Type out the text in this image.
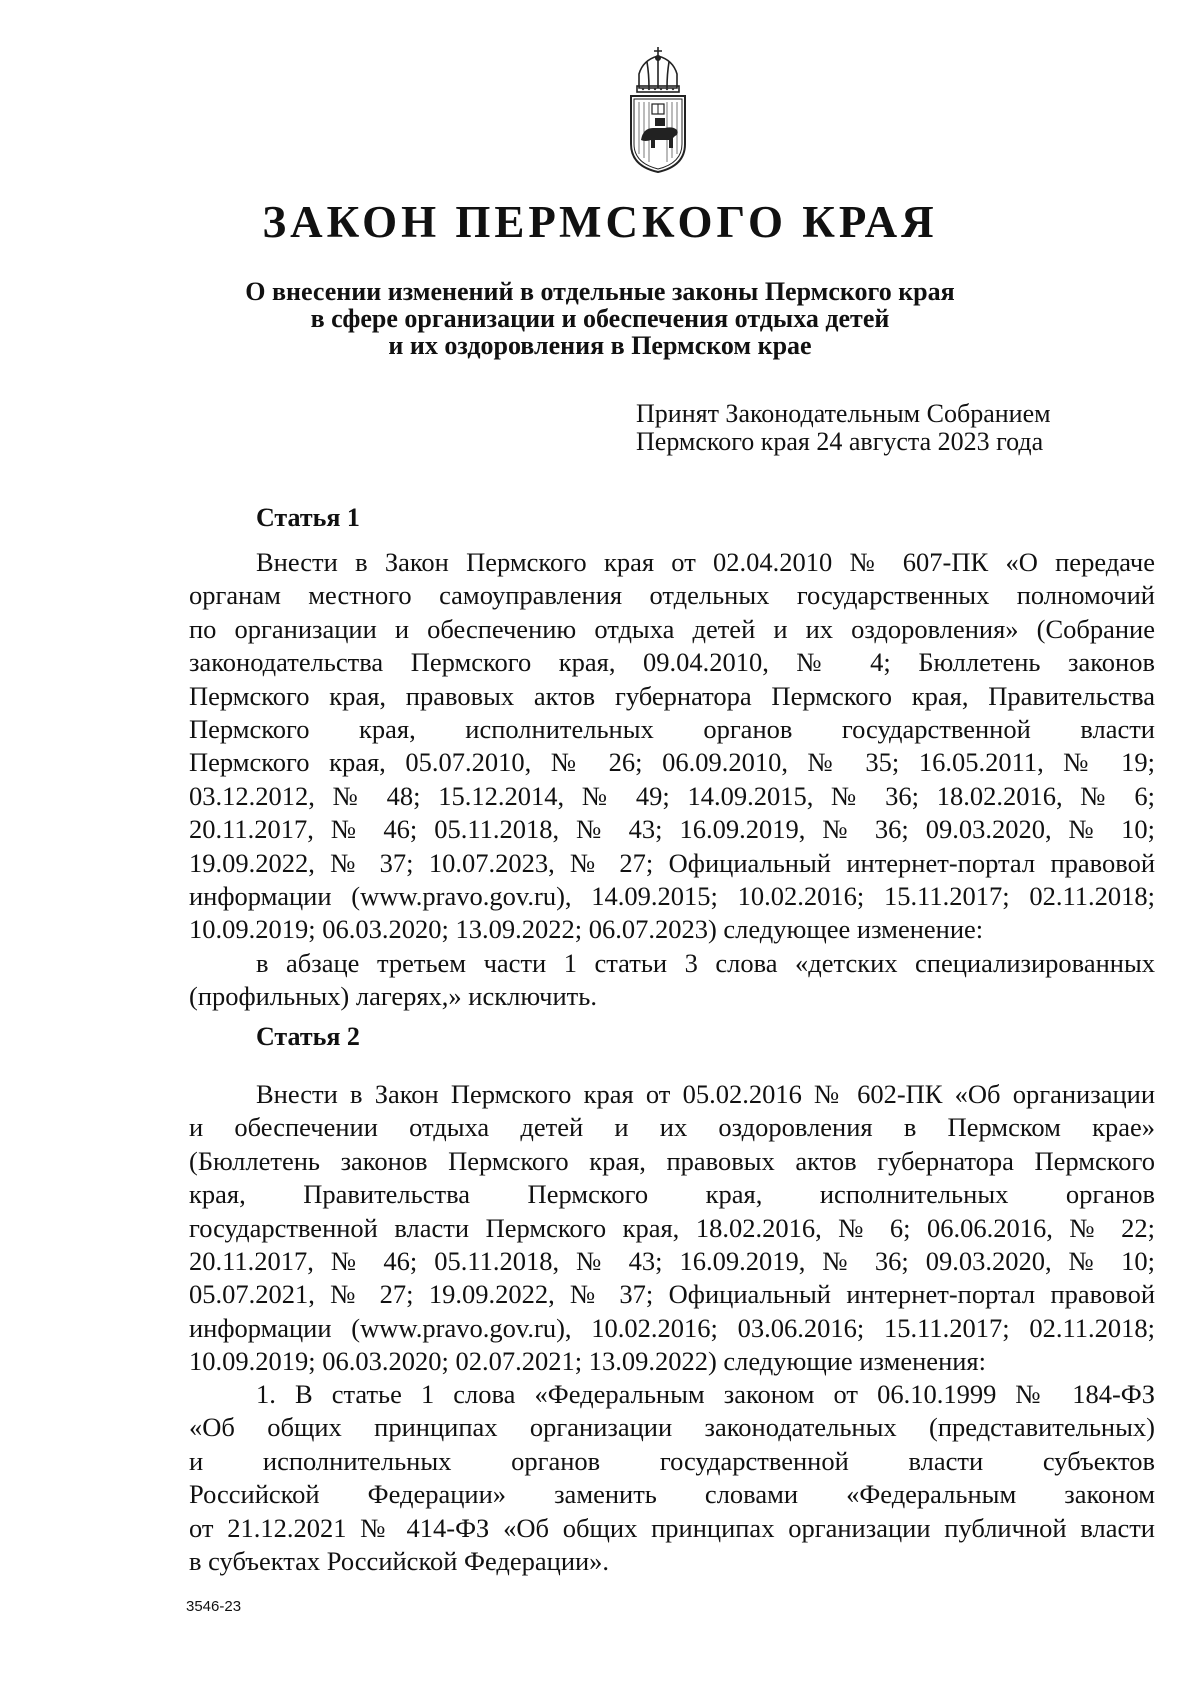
ЗАКОН ПЕРМСКОГО КРАЯ
О внесении изменений в отдельные законы Пермского края
в сфере организации и обеспечения отдыха детей
и их оздоровления в Пермском крае
Принят Законодательным Собранием
Пермского края 24 августа 2023 года
Статья 1
Внести в Закон Пермского края от 02.04.2010 № 607-ПК «О передаче
органам местного самоуправления отдельных государственных полномочий
по организации и обеспечению отдыха детей и их оздоровления» (Собрание
законодательства Пермского края, 09.04.2010, № 4; Бюллетень законов
Пермского края, правовых актов губернатора Пермского края, Правительства
Пермского края, исполнительных органов государственной власти
Пермского края, 05.07.2010, № 26; 06.09.2010, № 35; 16.05.2011, № 19;
03.12.2012, № 48; 15.12.2014, № 49; 14.09.2015, № 36; 18.02.2016, № 6;
20.11.2017, № 46; 05.11.2018, № 43; 16.09.2019, № 36; 09.03.2020, № 10;
19.09.2022, № 37; 10.07.2023, № 27; Официальный интернет-портал правовой
информации (www.pravo.gov.ru), 14.09.2015; 10.02.2016; 15.11.2017; 02.11.2018;
10.09.2019; 06.03.2020; 13.09.2022; 06.07.2023) следующее изменение:
в абзаце третьем части 1 статьи 3 слова «детских специализированных
(профильных) лагерях,» исключить.
Статья 2
Внести в Закон Пермского края от 05.02.2016 № 602-ПК «Об организации
и обеспечении отдыха детей и их оздоровления в Пермском крае»
(Бюллетень законов Пермского края, правовых актов губернатора Пермского
края, Правительства Пермского края, исполнительных органов
государственной власти Пермского края, 18.02.2016, № 6; 06.06.2016, № 22;
20.11.2017, № 46; 05.11.2018, № 43; 16.09.2019, № 36; 09.03.2020, № 10;
05.07.2021, № 27; 19.09.2022, № 37; Официальный интернет-портал правовой
информации (www.pravo.gov.ru), 10.02.2016; 03.06.2016; 15.11.2017; 02.11.2018;
10.09.2019; 06.03.2020; 02.07.2021; 13.09.2022) следующие изменения:
1. В статье 1 слова «Федеральным законом от 06.10.1999 № 184-ФЗ
«Об общих принципах организации законодательных (представительных)
и исполнительных органов государственной власти субъектов
Российской Федерации» заменить словами «Федеральным законом
от 21.12.2021 № 414-ФЗ «Об общих принципах организации публичной власти
в субъектах Российской Федерации».
3546-23
